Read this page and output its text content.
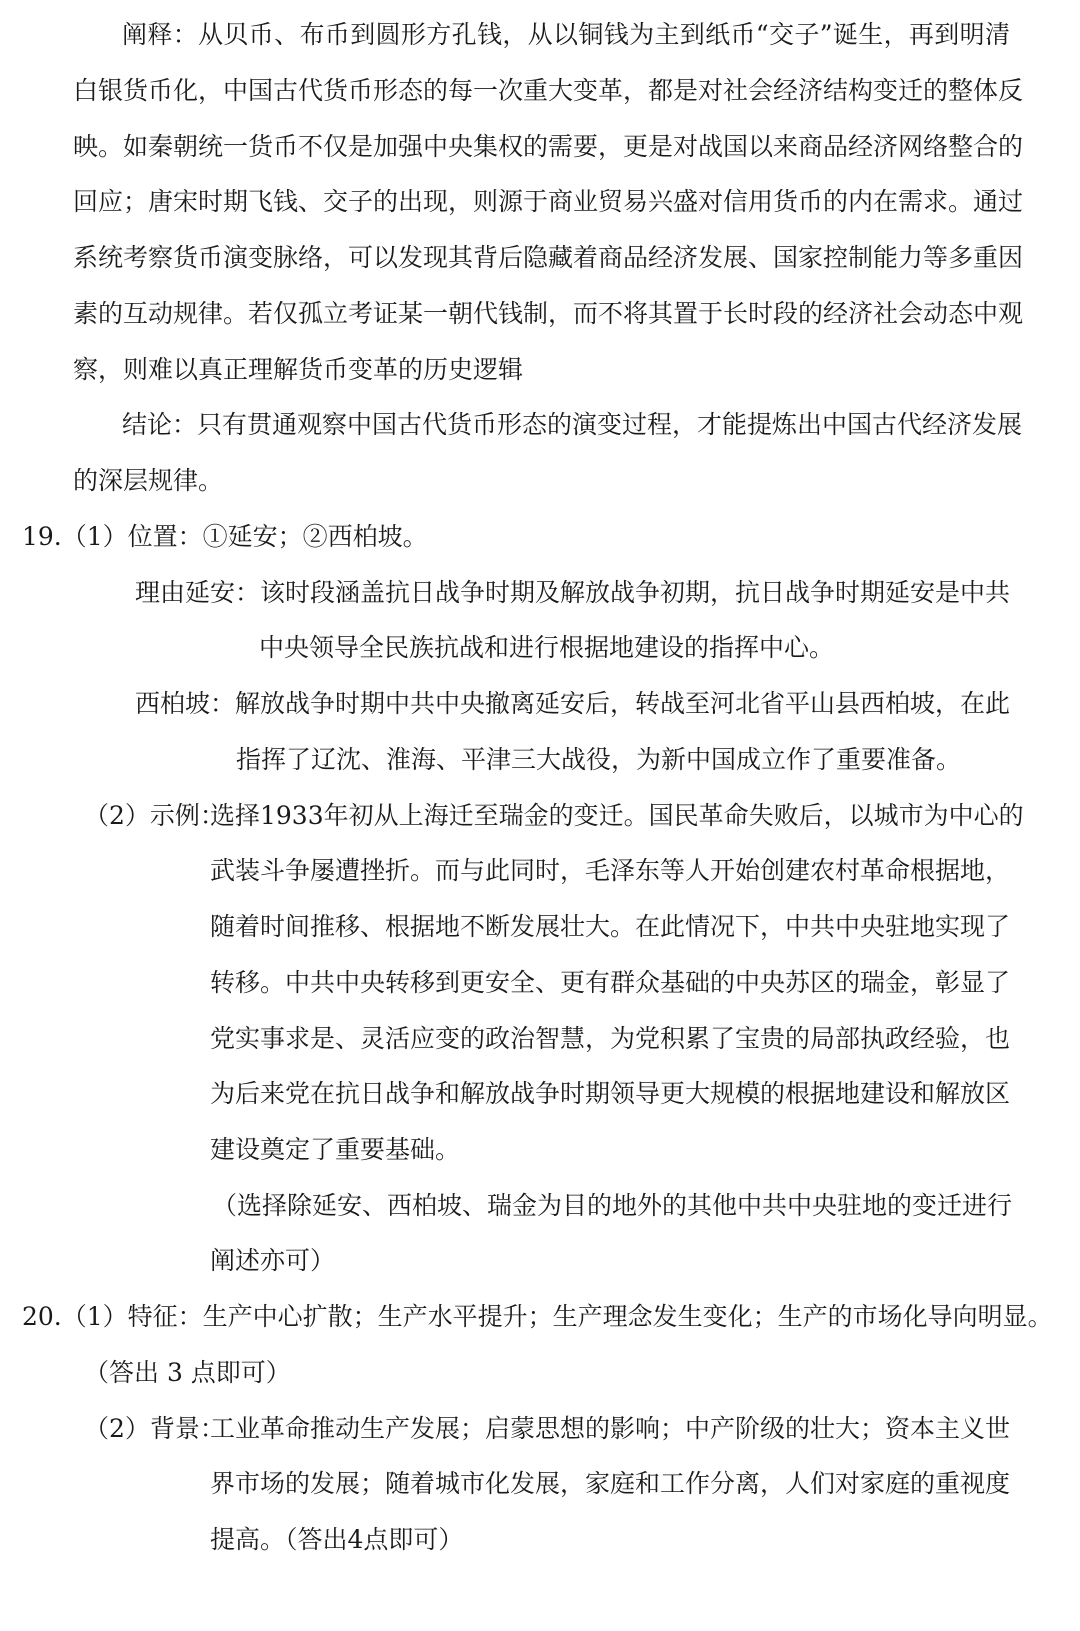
阐释：从贝币、布币到圆形方孔钱，从以铜钱为主到纸币“交子”诞生，再到明清
白银货币化，中国古代货币形态的每一次重大变革，都是对社会经济结构变迁的整体反
映。如秦朝统一货币不仅是加强中央集权的需要，更是对战国以来商品经济网络整合的
回应；唐宋时期飞钱、交子的出现，则源于商业贸易兴盛对信用货币的内在需求。通过
系统考察货币演变脉络，可以发现其背后隐藏着商品经济发展、国家控制能力等多重因
素的互动规律。若仅孤立考证某一朝代钱制，而不将其置于长时段的经济社会动态中观
察，则难以真正理解货币变革的历史逻辑
结论：只有贯通观察中国古代货币形态的演变过程，才能提炼出中国古代经济发展
的深层规律。
19.（1）位置：①延安；②西柏坡。
理由延安：该时段涵盖抗日战争时期及解放战争初期，抗日战争时期延安是中共
中央领导全民族抗战和进行根据地建设的指挥中心。
西柏坡：解放战争时期中共中央撤离延安后，转战至河北省平山县西柏坡，在此
指挥了辽沈、淮海、平津三大战役，为新中国成立作了重要准备。
（2）示例：
选择1933年初从上海迁至瑞金的变迁。国民革命失败后，以城市为中心的
武装斗争屡遭挫折。而与此同时，毛泽东等人开始创建农村革命根据地，
随着时间推移、根据地不断发展壮大。在此情况下，中共中央驻地实现了
转移。中共中央转移到更安全、更有群众基础的中央苏区的瑞金，彰显了
党实事求是、灵活应变的政治智慧，为党积累了宝贵的局部执政经验，也
为后来党在抗日战争和解放战争时期领导更大规模的根据地建设和解放区
建设奠定了重要基础。
（选择除延安、西柏坡、瑞金为目的地外的其他中共中央驻地的变迁进行
阐述亦可）
20.（1）特征：生产中心扩散；生产水平提升；生产理念发生变化；生产的市场化导向明显。
（答出 3 点即可）
（2）背景：
工业革命推动生产发展；启蒙思想的影响；中产阶级的壮大；资本主义世
界市场的发展；随着城市化发展，家庭和工作分离，人们对家庭的重视度
提高。（答出4点即可）
